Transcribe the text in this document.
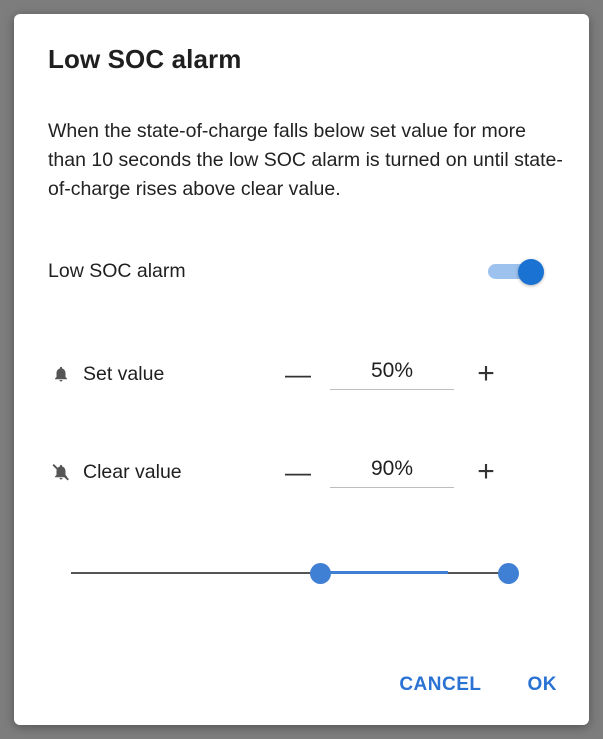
Low SOC alarm
When the state-of-charge falls below set value for more than 10 seconds the low SOC alarm is turned on until state-of-charge rises above clear value.
Low SOC alarm
Set value	—	50%	+
Clear value	—	90%	+
CANCEL	OK
